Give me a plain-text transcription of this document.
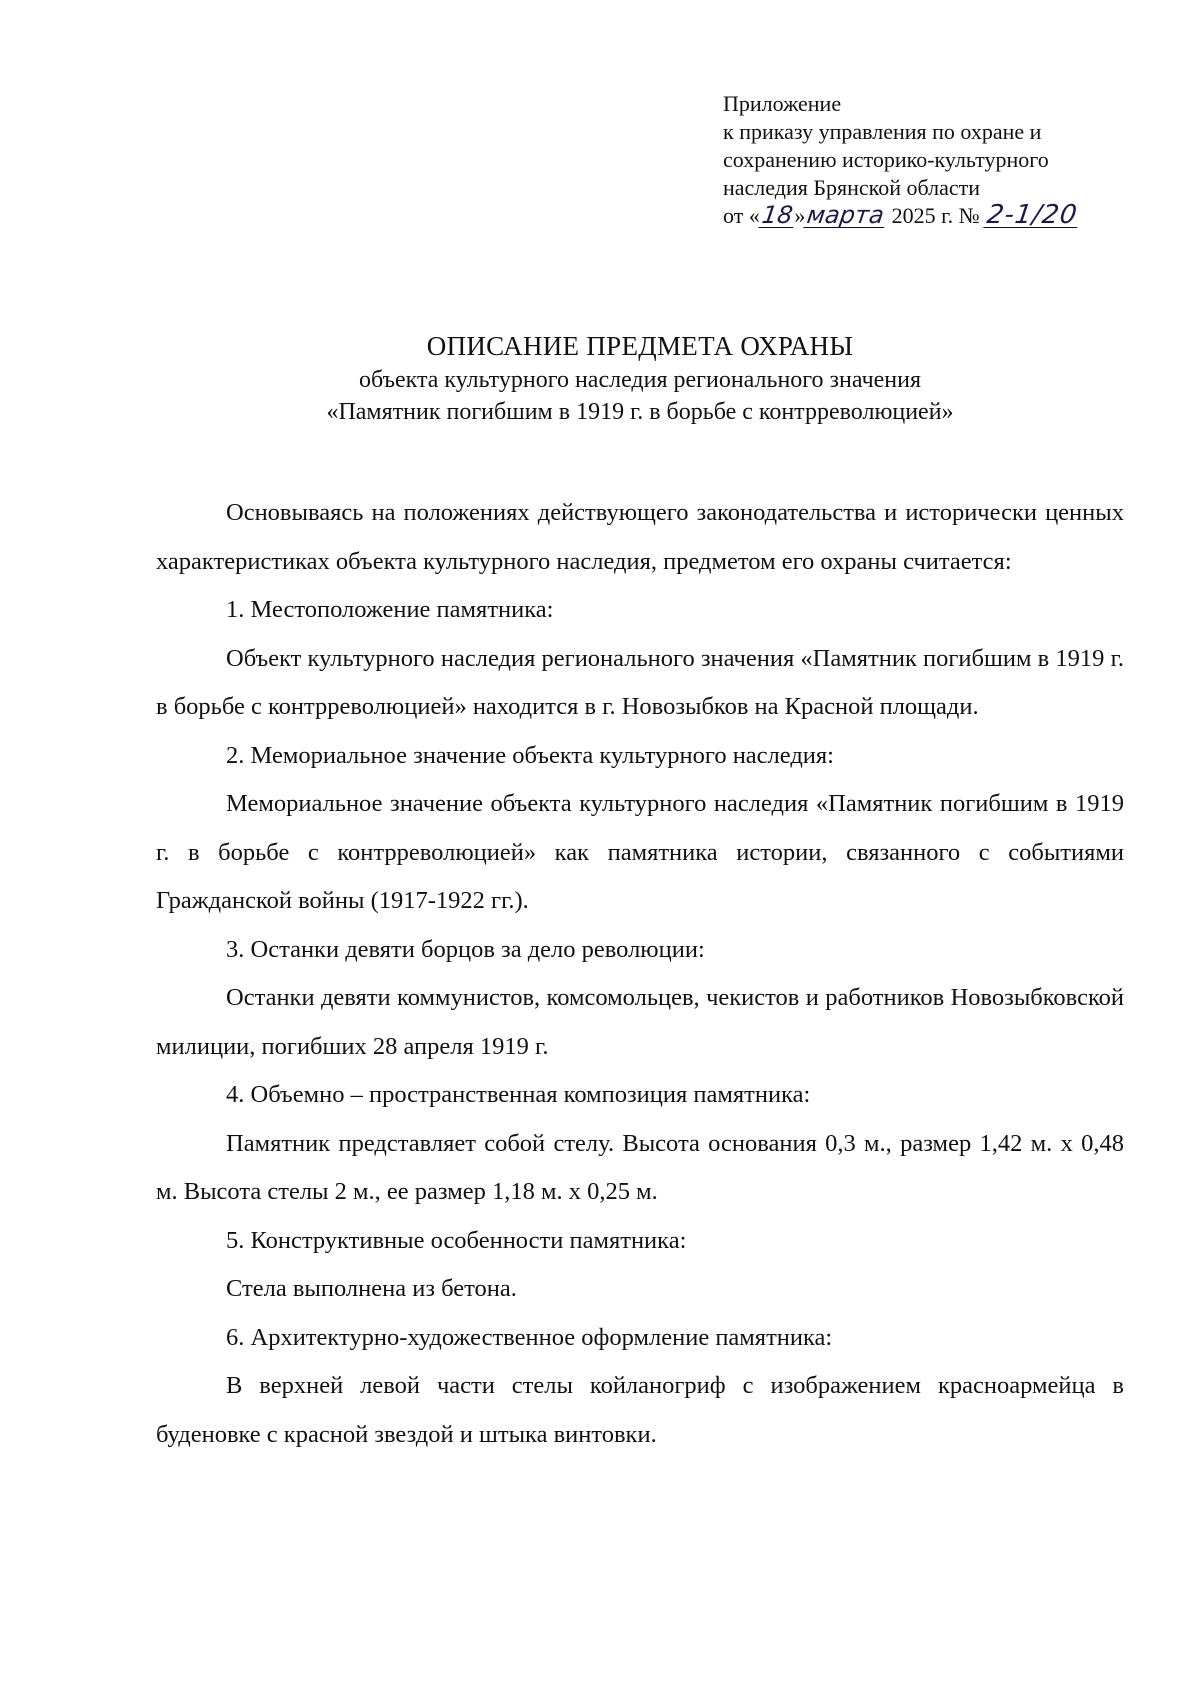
Приложение
к приказу управления по охране и
сохранению историко-культурного
наследия Брянской области
от «18»марта 2025 г. № 2-1/20
ОПИСАНИЕ ПРЕДМЕТА ОХРАНЫ
объекта культурного наследия регионального значения
«Памятник погибшим в 1919 г. в борьбе с контрреволюцией»

Основываясь на положениях действующего законодательства и исторически ценных характеристиках объекта культурного наследия, предметом его охраны считается:

1. Местоположение памятника:

Объект культурного наследия регионального значения «Памятник погибшим в 1919 г. в борьбе с контрреволюцией» находится в г. Новозыбков на Красной площади.

2. Мемориальное значение объекта культурного наследия:

Мемориальное значение объекта культурного наследия «Памятник погибшим в 1919 г. в борьбе с контрреволюцией» как памятника истории, связанного с событиями Гражданской войны (1917-1922 гг.).

3. Останки девяти борцов за дело революции:

Останки девяти коммунистов, комсомольцев, чекистов и работников Новозыбковской милиции, погибших 28 апреля 1919 г.

4. Объемно – пространственная композиция памятника:

Памятник представляет собой стелу. Высота основания 0,3 м., размер 1,42 м. х 0,48 м. Высота стелы 2 м., ее размер 1,18 м. х 0,25 м.

5. Конструктивные особенности памятника:

Стела выполнена из бетона.

6. Архитектурно-художественное оформление памятника:

В верхней левой части стелы койланогриф с изображением красноармейца в буденовке с красной звездой и штыка винтовки.
